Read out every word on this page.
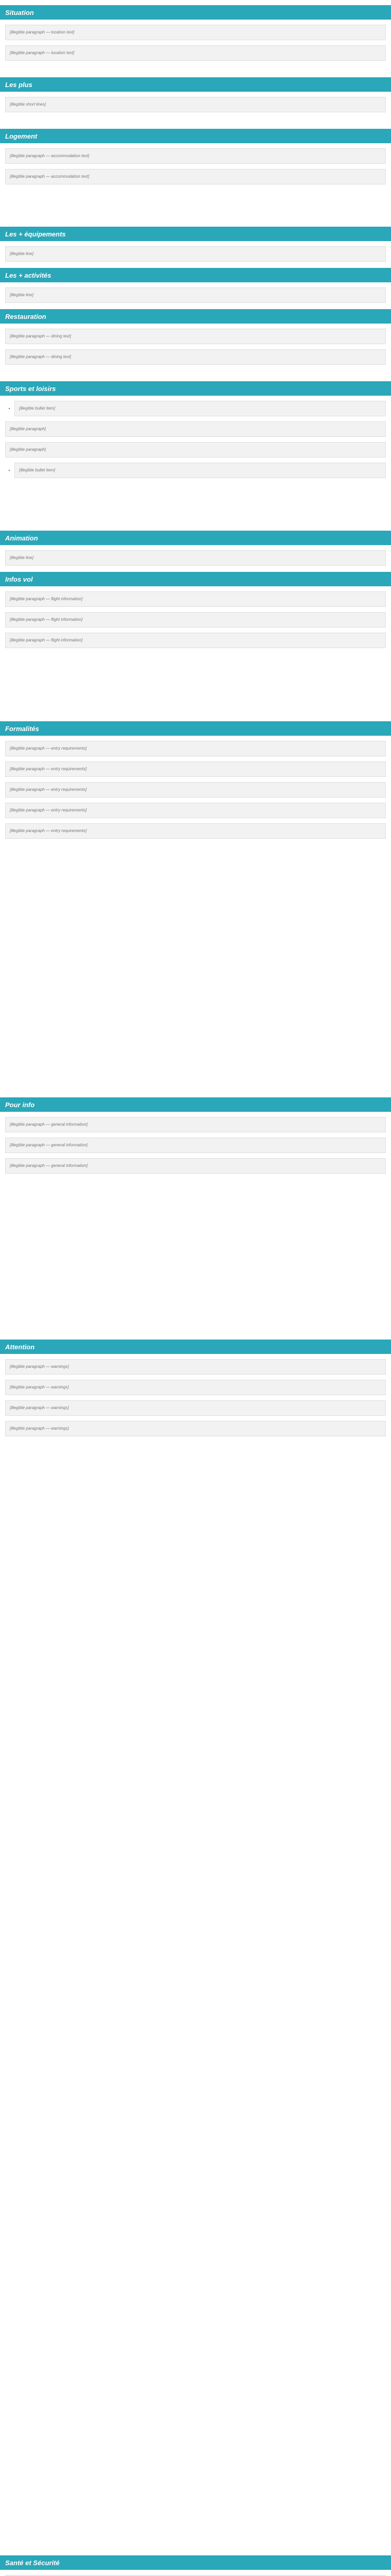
Situation
[illegible paragraph — location text]
[illegible paragraph — location text]
Les plus
[illegible short lines]
Logement
[illegible paragraph — accommodation text]
[illegible paragraph — accommodation text]
Les + équipements
[illegible line]
Les + activités
[illegible line]
Restauration
[illegible paragraph — dining text]
[illegible paragraph — dining text]
Sports et loisirs
• [illegible bullet item]
[illegible paragraph]
[illegible paragraph]
• [illegible bullet item]
Animation
[illegible line]
Infos vol
[illegible paragraph — flight information]
[illegible paragraph — flight information]
[illegible paragraph — flight information]
Formalités
[illegible paragraph — entry requirements]
[illegible paragraph — entry requirements]
[illegible paragraph — entry requirements]
[illegible paragraph — entry requirements]
[illegible paragraph — entry requirements]
Pour info
[illegible paragraph — general information]
[illegible paragraph — general information]
[illegible paragraph — general information]
Attention
[illegible paragraph — warnings]
[illegible paragraph — warnings]
[illegible paragraph — warnings]
[illegible paragraph — warnings]
Santé et Sécurité
